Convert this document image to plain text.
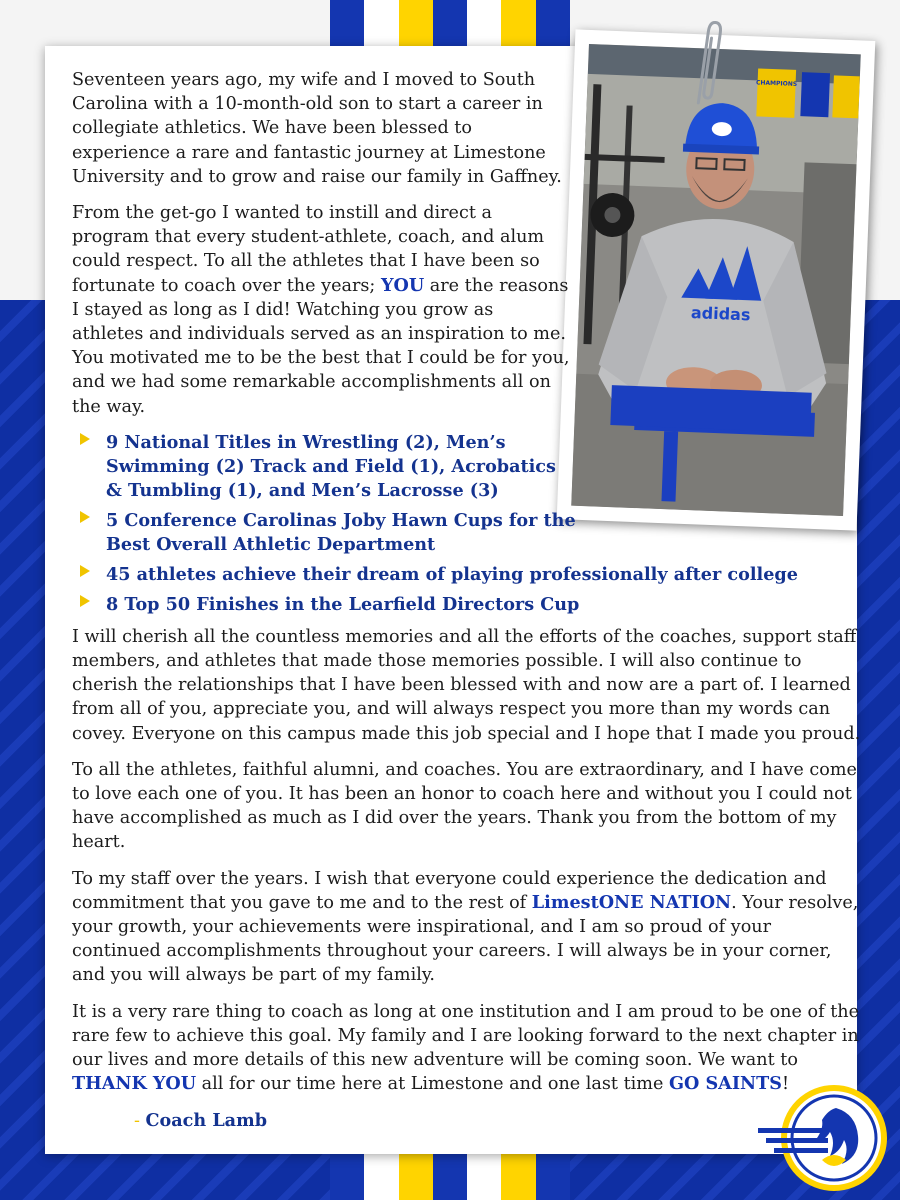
CHAMPIONS
adidas

Seventeen years ago, my wife and I moved to South Carolina with a 10-month-old son to start a career in collegiate athletics. We have been blessed to experience a rare and fantastic journey at Limestone University and to grow and raise our family in Gaffney.

From the get-go I wanted to instill and direct a program that every student-athlete, coach, and alum could respect. To all the athletes that I have been so fortunate to coach over the years; YOU are the reasons I stayed as long as I did! Watching you grow as athletes and individuals served as an inspiration to me. You motivated me to be the best that I could be for you, and we had some remarkable accomplishments all on the way.

9 National Titles in Wrestling (2), Men’s Swimming (2) Track and Field (1), Acrobatics & Tumbling (1), and Men’s Lacrosse (3)
5 Conference Carolinas Joby Hawn Cups for the Best Overall Athletic Department
45 athletes achieve their dream of playing professionally after college
8 Top 50 Finishes in the Learfield Directors Cup

I will cherish all the countless memories and all the efforts of the coaches, support staff members, and athletes that made those memories possible. I will also continue to cherish the relationships that I have been blessed with and now are a part of. I learned from all of you, appreciate you, and will always respect you more than my words can covey. Everyone on this campus made this job special and I hope that I made you proud.

To all the athletes, faithful alumni, and coaches. You are extraordinary, and I have come to love each one of you. It has been an honor to coach here and without you I could not have accomplished as much as I did over the years. Thank you from the bottom of my heart.

To my staff over the years. I wish that everyone could experience the dedication and commitment that you gave to me and to the rest of LimestONE NATION. Your resolve, your growth, your achievements were inspirational, and I am so proud of your continued accomplishments throughout your careers. I will always be in your corner, and you will always be part of my family.

It is a very rare thing to coach as long at one institution and I am proud to be one of the rare few to achieve this goal. My family and I are looking forward to the next chapter in our lives and more details of this new adventure will be coming soon. We want to THANK YOU all for our time here at Limestone and one last time GO SAINTS!

- Coach Lamb
